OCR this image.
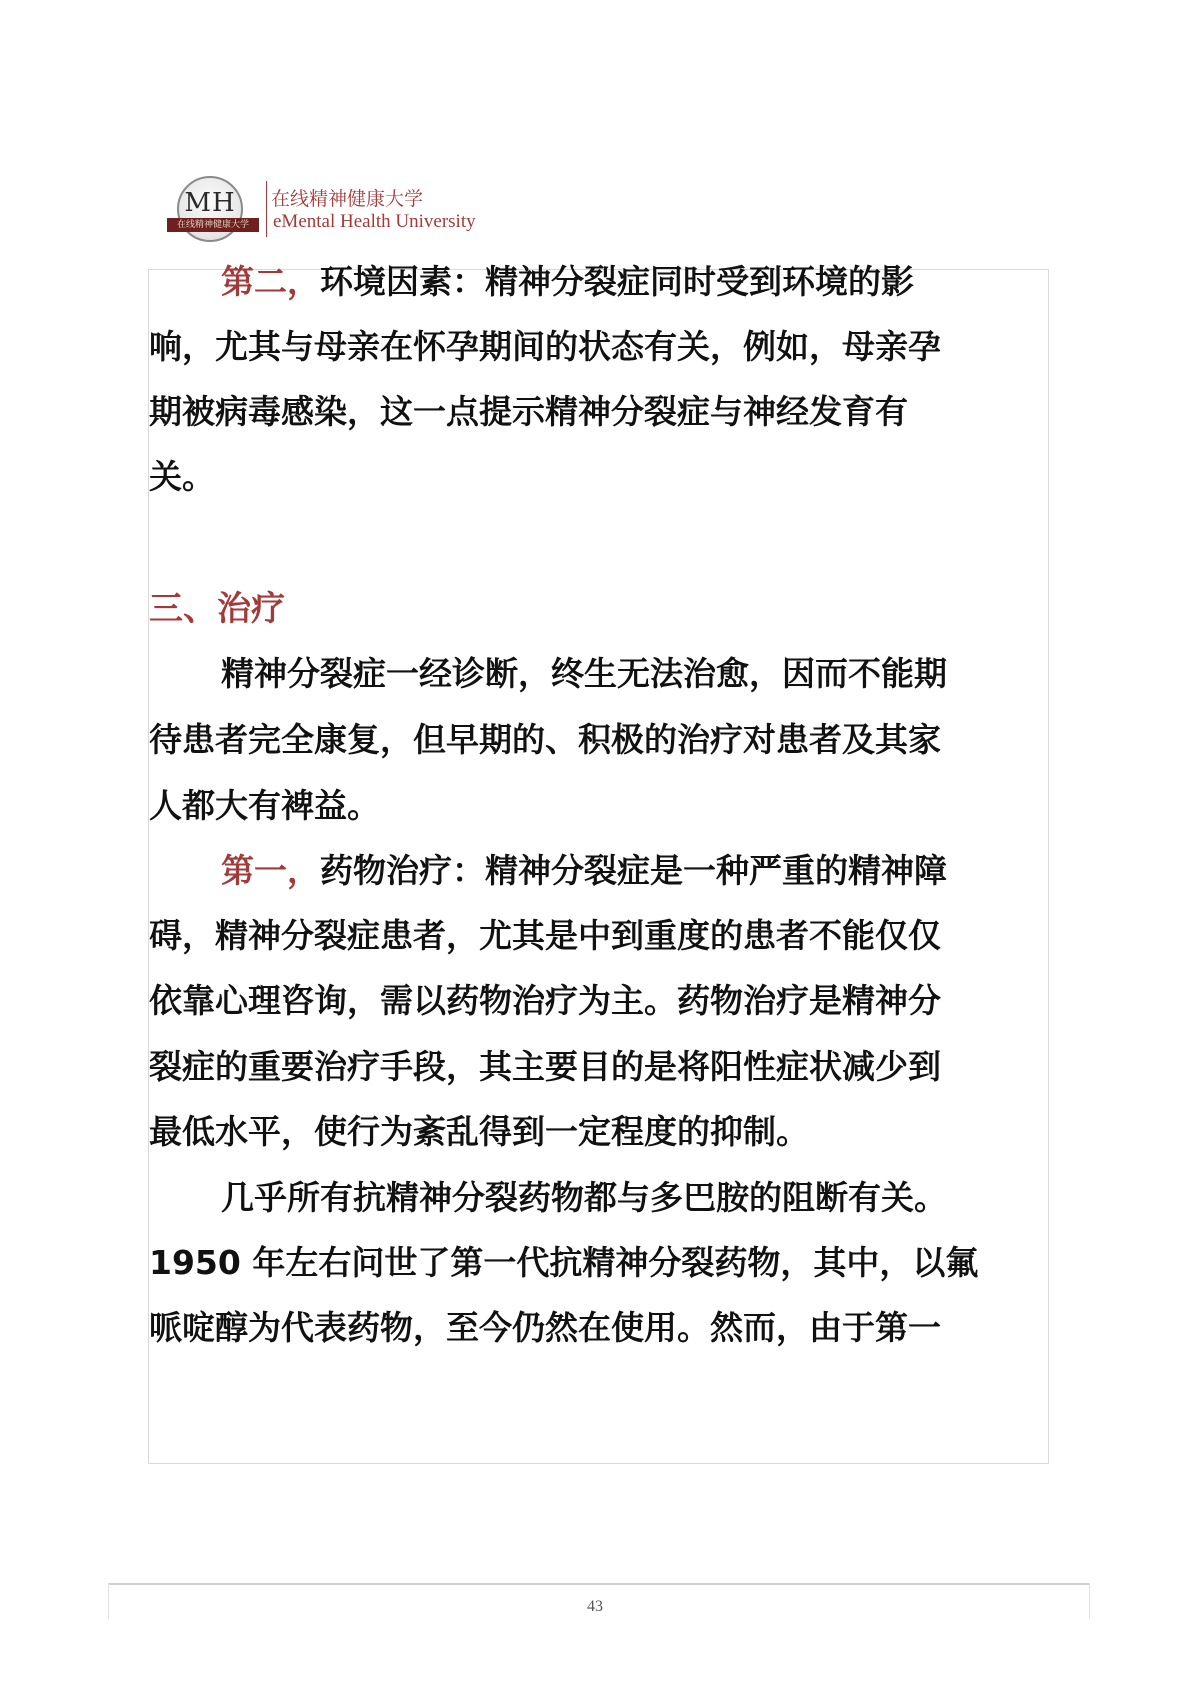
MH
在线精神健康大学
在线精神健康大学
eMental Health University
第二，环境因素：精神分裂症同时受到环境的影
响，尤其与母亲在怀孕期间的状态有关，例如，母亲孕
期被病毒感染，这一点提示精神分裂症与神经发育有
关。
三、治疗
精神分裂症一经诊断，终生无法治愈，因而不能期
待患者完全康复，但早期的、积极的治疗对患者及其家
人都大有裨益。
第一，药物治疗：精神分裂症是一种严重的精神障
碍，精神分裂症患者，尤其是中到重度的患者不能仅仅
依靠心理咨询，需以药物治疗为主。药物治疗是精神分
裂症的重要治疗手段，其主要目的是将阳性症状减少到
最低水平，使行为紊乱得到一定程度的抑制。
几乎所有抗精神分裂药物都与多巴胺的阻断有关。
1950 年左右问世了第一代抗精神分裂药物，其中，以氟
哌啶醇为代表药物，至今仍然在使用。然而，由于第一
43
